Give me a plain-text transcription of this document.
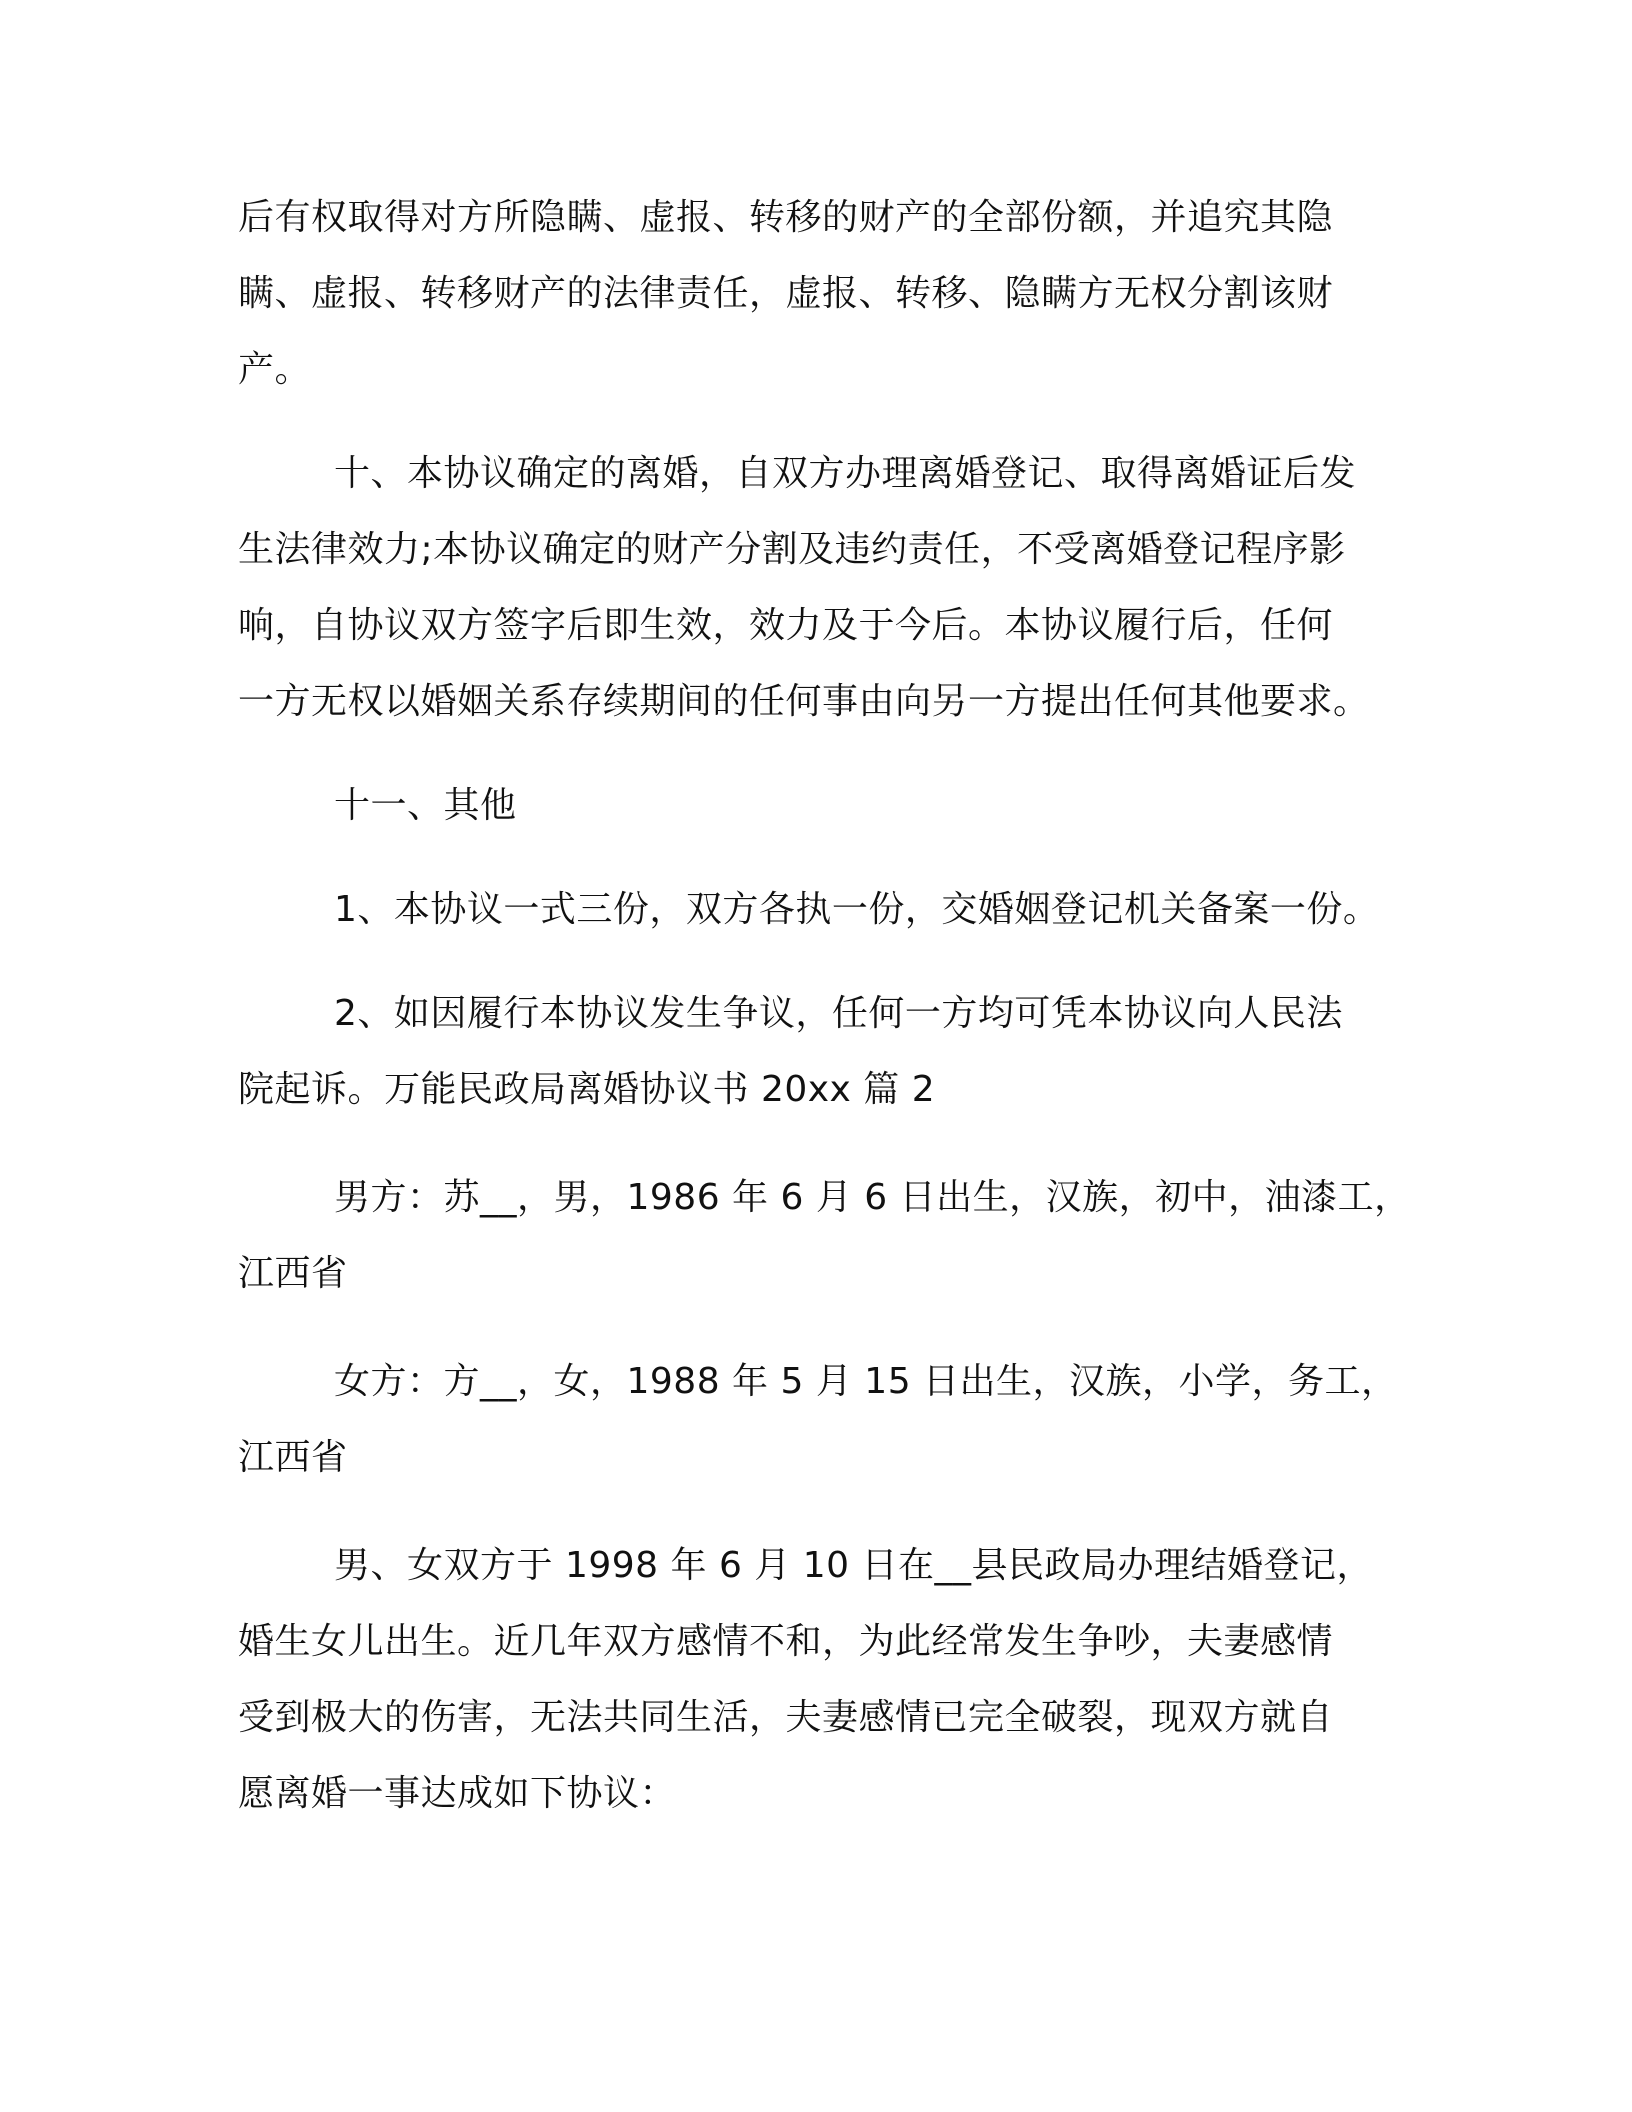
后有权取得对方所隐瞒、虚报、转移的财产的全部份额，并追究其隐
瞒、虚报、转移财产的法律责任，虚报、转移、隐瞒方无权分割该财
产。

十、本协议确定的离婚，自双方办理离婚登记、取得离婚证后发
生法律效力;本协议确定的财产分割及违约责任，不受离婚登记程序影
响，自协议双方签字后即生效，效力及于今后。本协议履行后，任何
一方无权以婚姻关系存续期间的任何事由向另一方提出任何其他要求。

十一、其他

1、本协议一式三份，双方各执一份，交婚姻登记机关备案一份。

2、如因履行本协议发生争议，任何一方均可凭本协议向人民法
院起诉。万能民政局离婚协议书 20xx 篇 2

男方：苏__，男，1986 年 6 月 6 日出生，汉族，初中，油漆工，
江西省

女方：方__，女，1988 年 5 月 15 日出生，汉族，小学，务工，
江西省

男、女双方于 1998 年 6 月 10 日在__县民政局办理结婚登记，
婚生女儿出生。近几年双方感情不和，为此经常发生争吵，夫妻感情
受到极大的伤害，无法共同生活，夫妻感情已完全破裂，现双方就自
愿离婚一事达成如下协议：
